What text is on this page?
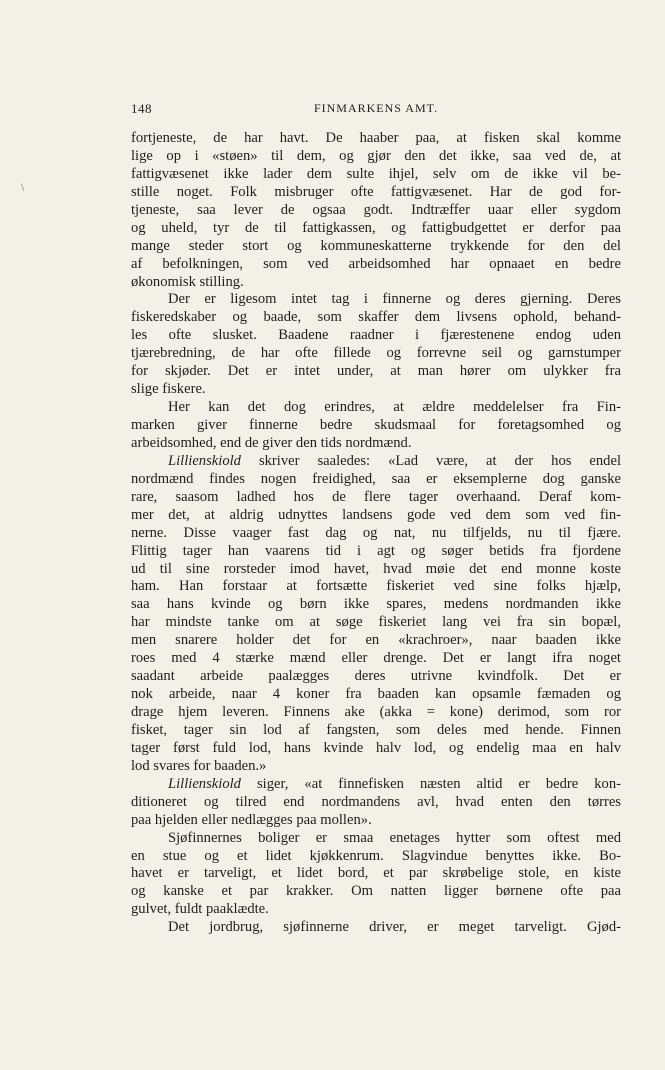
148	FINMARKENS AMT.
\
fortjeneste, de har havt. De haaber paa, at fisken skal komme
lige op i «støen» til dem, og gjør den det ikke, saa ved de, at
fattigvæsenet ikke lader dem sulte ihjel, selv om de ikke vil be-
stille noget. Folk misbruger ofte fattigvæsenet. Har de god for-
tjeneste, saa lever de ogsaa godt. Indtræffer uaar eller sygdom
og uheld, tyr de til fattigkassen, og fattigbudgettet er derfor paa
mange steder stort og kommuneskatterne trykkende for den del
af befolkningen, som ved arbeidsomhed har opnaaet en bedre
økonomisk stilling.
Der er ligesom intet tag i finnerne og deres gjerning. Deres
fiskeredskaber og baade, som skaffer dem livsens ophold, behand-
les ofte slusket. Baadene raadner i fjærestenene endog uden
tjærebredning, de har ofte fillede og forrevne seil og garnstumper
for skjøder. Det er intet under, at man hører om ulykker fra
slige fiskere.
Her kan det dog erindres, at ældre meddelelser fra Fin-
marken giver finnerne bedre skudsmaal for foretagsomhed og
arbeidsomhed, end de giver den tids nordmænd.
Lillienskiold skriver saaledes: «Lad være, at der hos endel
nordmænd findes nogen freidighed, saa er eksemplerne dog ganske
rare, saasom ladhed hos de flere tager overhaand. Deraf kom-
mer det, at aldrig udnyttes landsens gode ved dem som ved fin-
nerne. Disse vaager fast dag og nat, nu tilfjelds, nu til fjære.
Flittig tager han vaarens tid i agt og søger betids fra fjordene
ud til sine rorsteder imod havet, hvad møie det end monne koste
ham. Han forstaar at fortsætte fiskeriet ved sine folks hjælp,
saa hans kvinde og børn ikke spares, medens nordmanden ikke
har mindste tanke om at søge fiskeriet lang vei fra sin bopæl,
men snarere holder det for en «krachroer», naar baaden ikke
roes med 4 stærke mænd eller drenge. Det er langt ifra noget
saadant arbeide paalægges deres utrivne kvindfolk. Det er
nok arbeide, naar 4 koner fra baaden kan opsamle fæmaden og
drage hjem leveren. Finnens ake (akka = kone) derimod, som ror
fisket, tager sin lod af fangsten, som deles med hende. Finnen
tager først fuld lod, hans kvinde halv lod, og endelig maa en halv
lod svares for baaden.»
Lillienskiold siger, «at finnefisken næsten altid er bedre kon-
ditioneret og tilred end nordmandens avl, hvad enten den tørres
paa hjelden eller nedlægges paa mollen».
Sjøfinnernes boliger er smaa enetages hytter som oftest med
en stue og et lidet kjøkkenrum. Slagvindue benyttes ikke. Bo-
havet er tarveligt, et lidet bord, et par skrøbelige stole, en kiste
og kanske et par krakker. Om natten ligger børnene ofte paa
gulvet, fuldt paaklædte.
Det jordbrug, sjøfinnerne driver, er meget tarveligt. Gjød-
